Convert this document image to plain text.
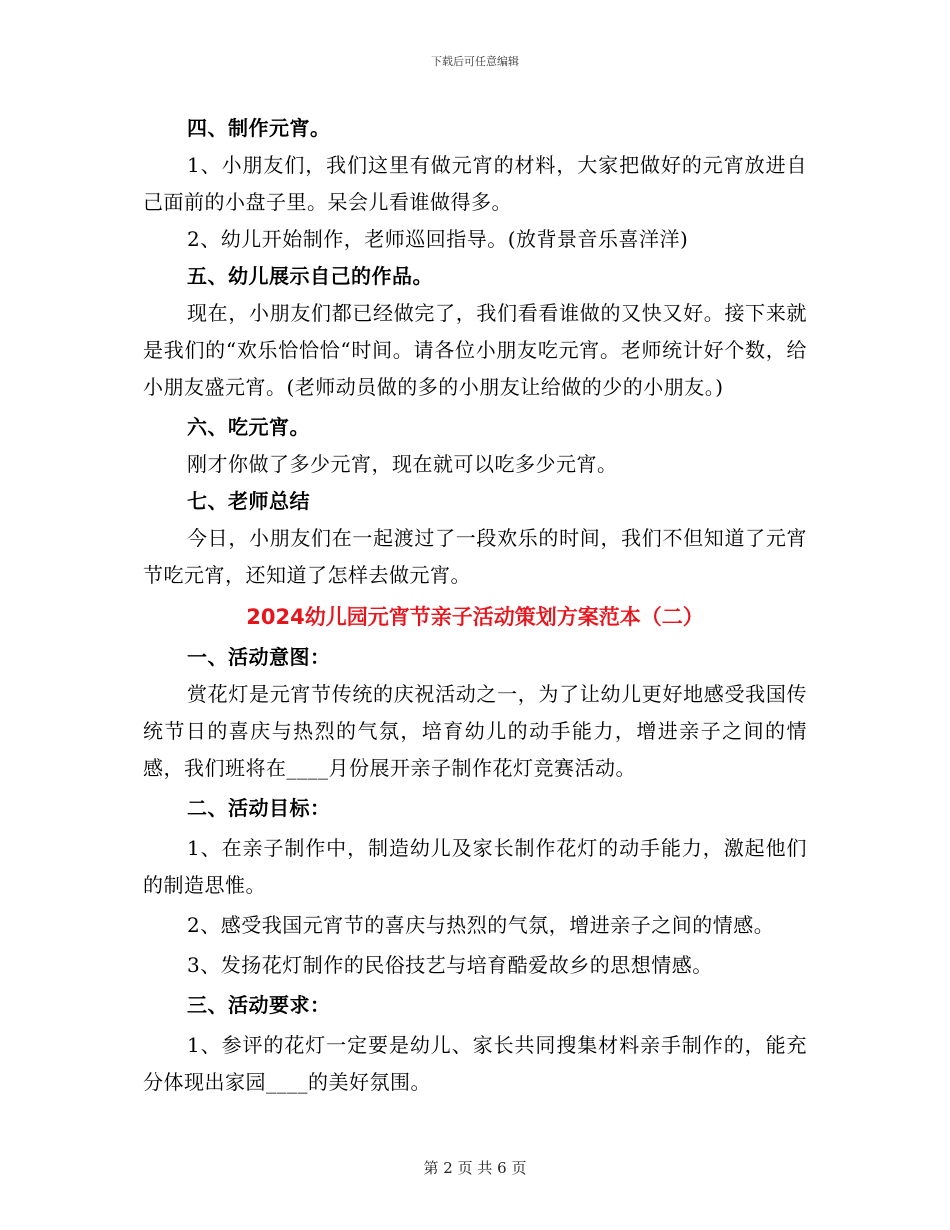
下载后可任意编辑

四、制作元宵。

1、小朋友们，我们这里有做元宵的材料，大家把做好的元宵放进自己面前的小盘子里。呆会儿看谁做得多。

2、幼儿开始制作，老师巡回指导。(放背景音乐喜洋洋)

五、幼儿展示自己的作品。

现在，小朋友们都已经做完了，我们看看谁做的又快又好。接下来就是我们的“欢乐恰恰恰“时间。请各位小朋友吃元宵。老师统计好个数，给小朋友盛元宵。(老师动员做的多的小朋友让给做的少的小朋友。)

六、吃元宵。

刚才你做了多少元宵，现在就可以吃多少元宵。

七、老师总结

今日，小朋友们在一起渡过了一段欢乐的时间，我们不但知道了元宵节吃元宵，还知道了怎样去做元宵。

2024幼儿园元宵节亲子活动策划方案范本（二）

一、活动意图：

赏花灯是元宵节传统的庆祝活动之一，为了让幼儿更好地感受我国传统节日的喜庆与热烈的气氛，培育幼儿的动手能力，增进亲子之间的情感，我们班将在____月份展开亲子制作花灯竞赛活动。

二、活动目标：

1、在亲子制作中，制造幼儿及家长制作花灯的动手能力，激起他们的制造思惟。

2、感受我国元宵节的喜庆与热烈的气氛，增进亲子之间的情感。

3、发扬花灯制作的民俗技艺与培育酷爱故乡的思想情感。

三、活动要求：

1、参评的花灯一定要是幼儿、家长共同搜集材料亲手制作的，能充分体现出家园____的美好氛围。

第 2 页 共 6 页
